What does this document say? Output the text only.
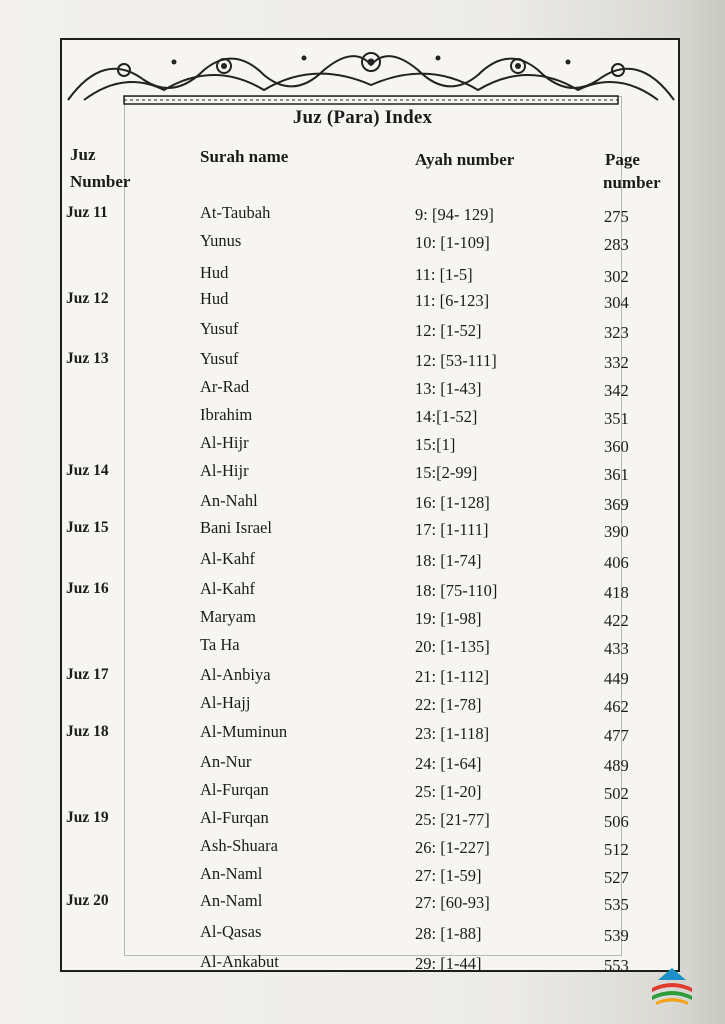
Juz (Para) Index
Juz
Number
Surah name	Ayah number	Page
number
Juz 11	At-Taubah	9: [94- 129]	275
Yunus	10: [1-109]	283
Hud	11: [1-5]	302
Juz 12	Hud	11: [6-123]	304
Yusuf	12: [1-52]	323
Juz 13	Yusuf	12: [53-111]	332
Ar-Rad	13: [1-43]	342
Ibrahim	14:[1-52]	351
Al-Hijr	15:[1]	360
Juz 14	Al-Hijr	15:[2-99]	361
An-Nahl	16: [1-128]	369
Juz 15	Bani Israel	17: [1-111]	390
Al-Kahf	18: [1-74]	406
Juz 16	Al-Kahf	18: [75-110]	418
Maryam	19: [1-98]	422
Ta Ha	20: [1-135]	433
Juz 17	Al-Anbiya	21: [1-112]	449
Al-Hajj	22: [1-78]	462
Juz 18	Al-Muminun	23: [1-118]	477
An-Nur	24: [1-64]	489
Al-Furqan	25: [1-20]	502
Juz 19	Al-Furqan	25: [21-77]	506
Ash-Shuara	26: [1-227]	512
An-Naml	27: [1-59]	527
Juz 20	An-Naml	27: [60-93]	535
Al-Qasas	28: [1-88]	539
Al-Ankabut	29: [1-44]	553
